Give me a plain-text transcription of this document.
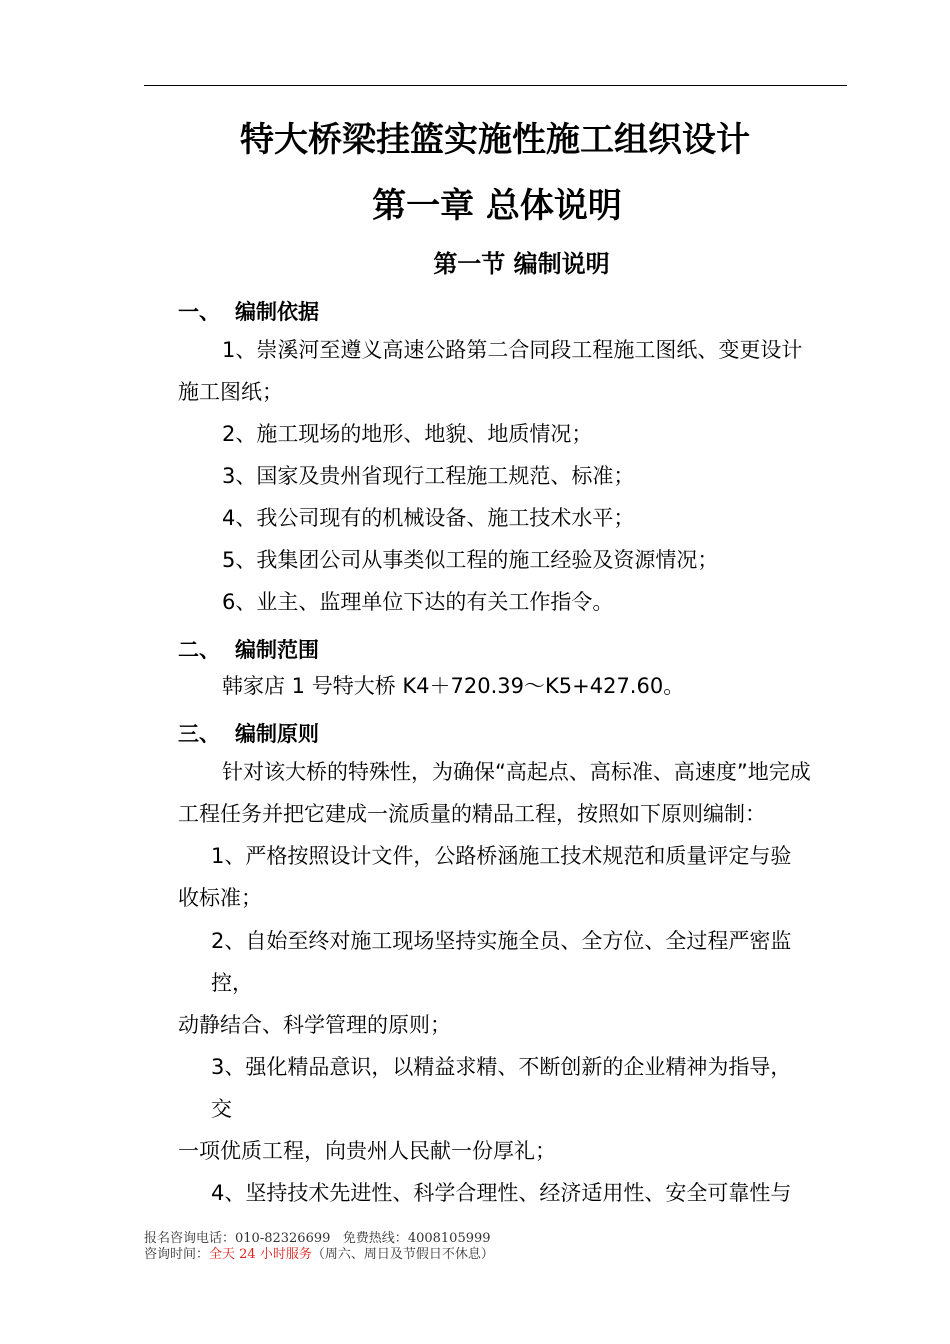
特大桥梁挂篮实施性施工组织设计
第一章 总体说明
第一节 编制说明
一、 编制依据
1、崇溪河至遵义高速公路第二合同段工程施工图纸、变更设计
施工图纸；
2、施工现场的地形、地貌、地质情况；
3、国家及贵州省现行工程施工规范、标准；
4、我公司现有的机械设备、施工技术水平；
5、我集团公司从事类似工程的施工经验及资源情况；
6、业主、监理单位下达的有关工作指令。
二、 编制范围
韩家店 1 号特大桥 K4＋720.39～K5+427.60。
三、 编制原则
针对该大桥的特殊性，为确保“高起点、高标准、高速度”地完成
工程任务并把它建成一流质量的精品工程，按照如下原则编制：
1、严格按照设计文件，公路桥涵施工技术规范和质量评定与验
收标准；
2、自始至终对施工现场坚持实施全员、全方位、全过程严密监
控，
动静结合、科学管理的原则；
3、强化精品意识，以精益求精、不断创新的企业精神为指导，
交
一项优质工程，向贵州人民献一份厚礼；
4、坚持技术先进性、科学合理性、经济适用性、安全可靠性与
报名咨询电话：010-82326699 免费热线：4008105999
咨询时间：全天 24 小时服务（周六、周日及节假日不休息）
